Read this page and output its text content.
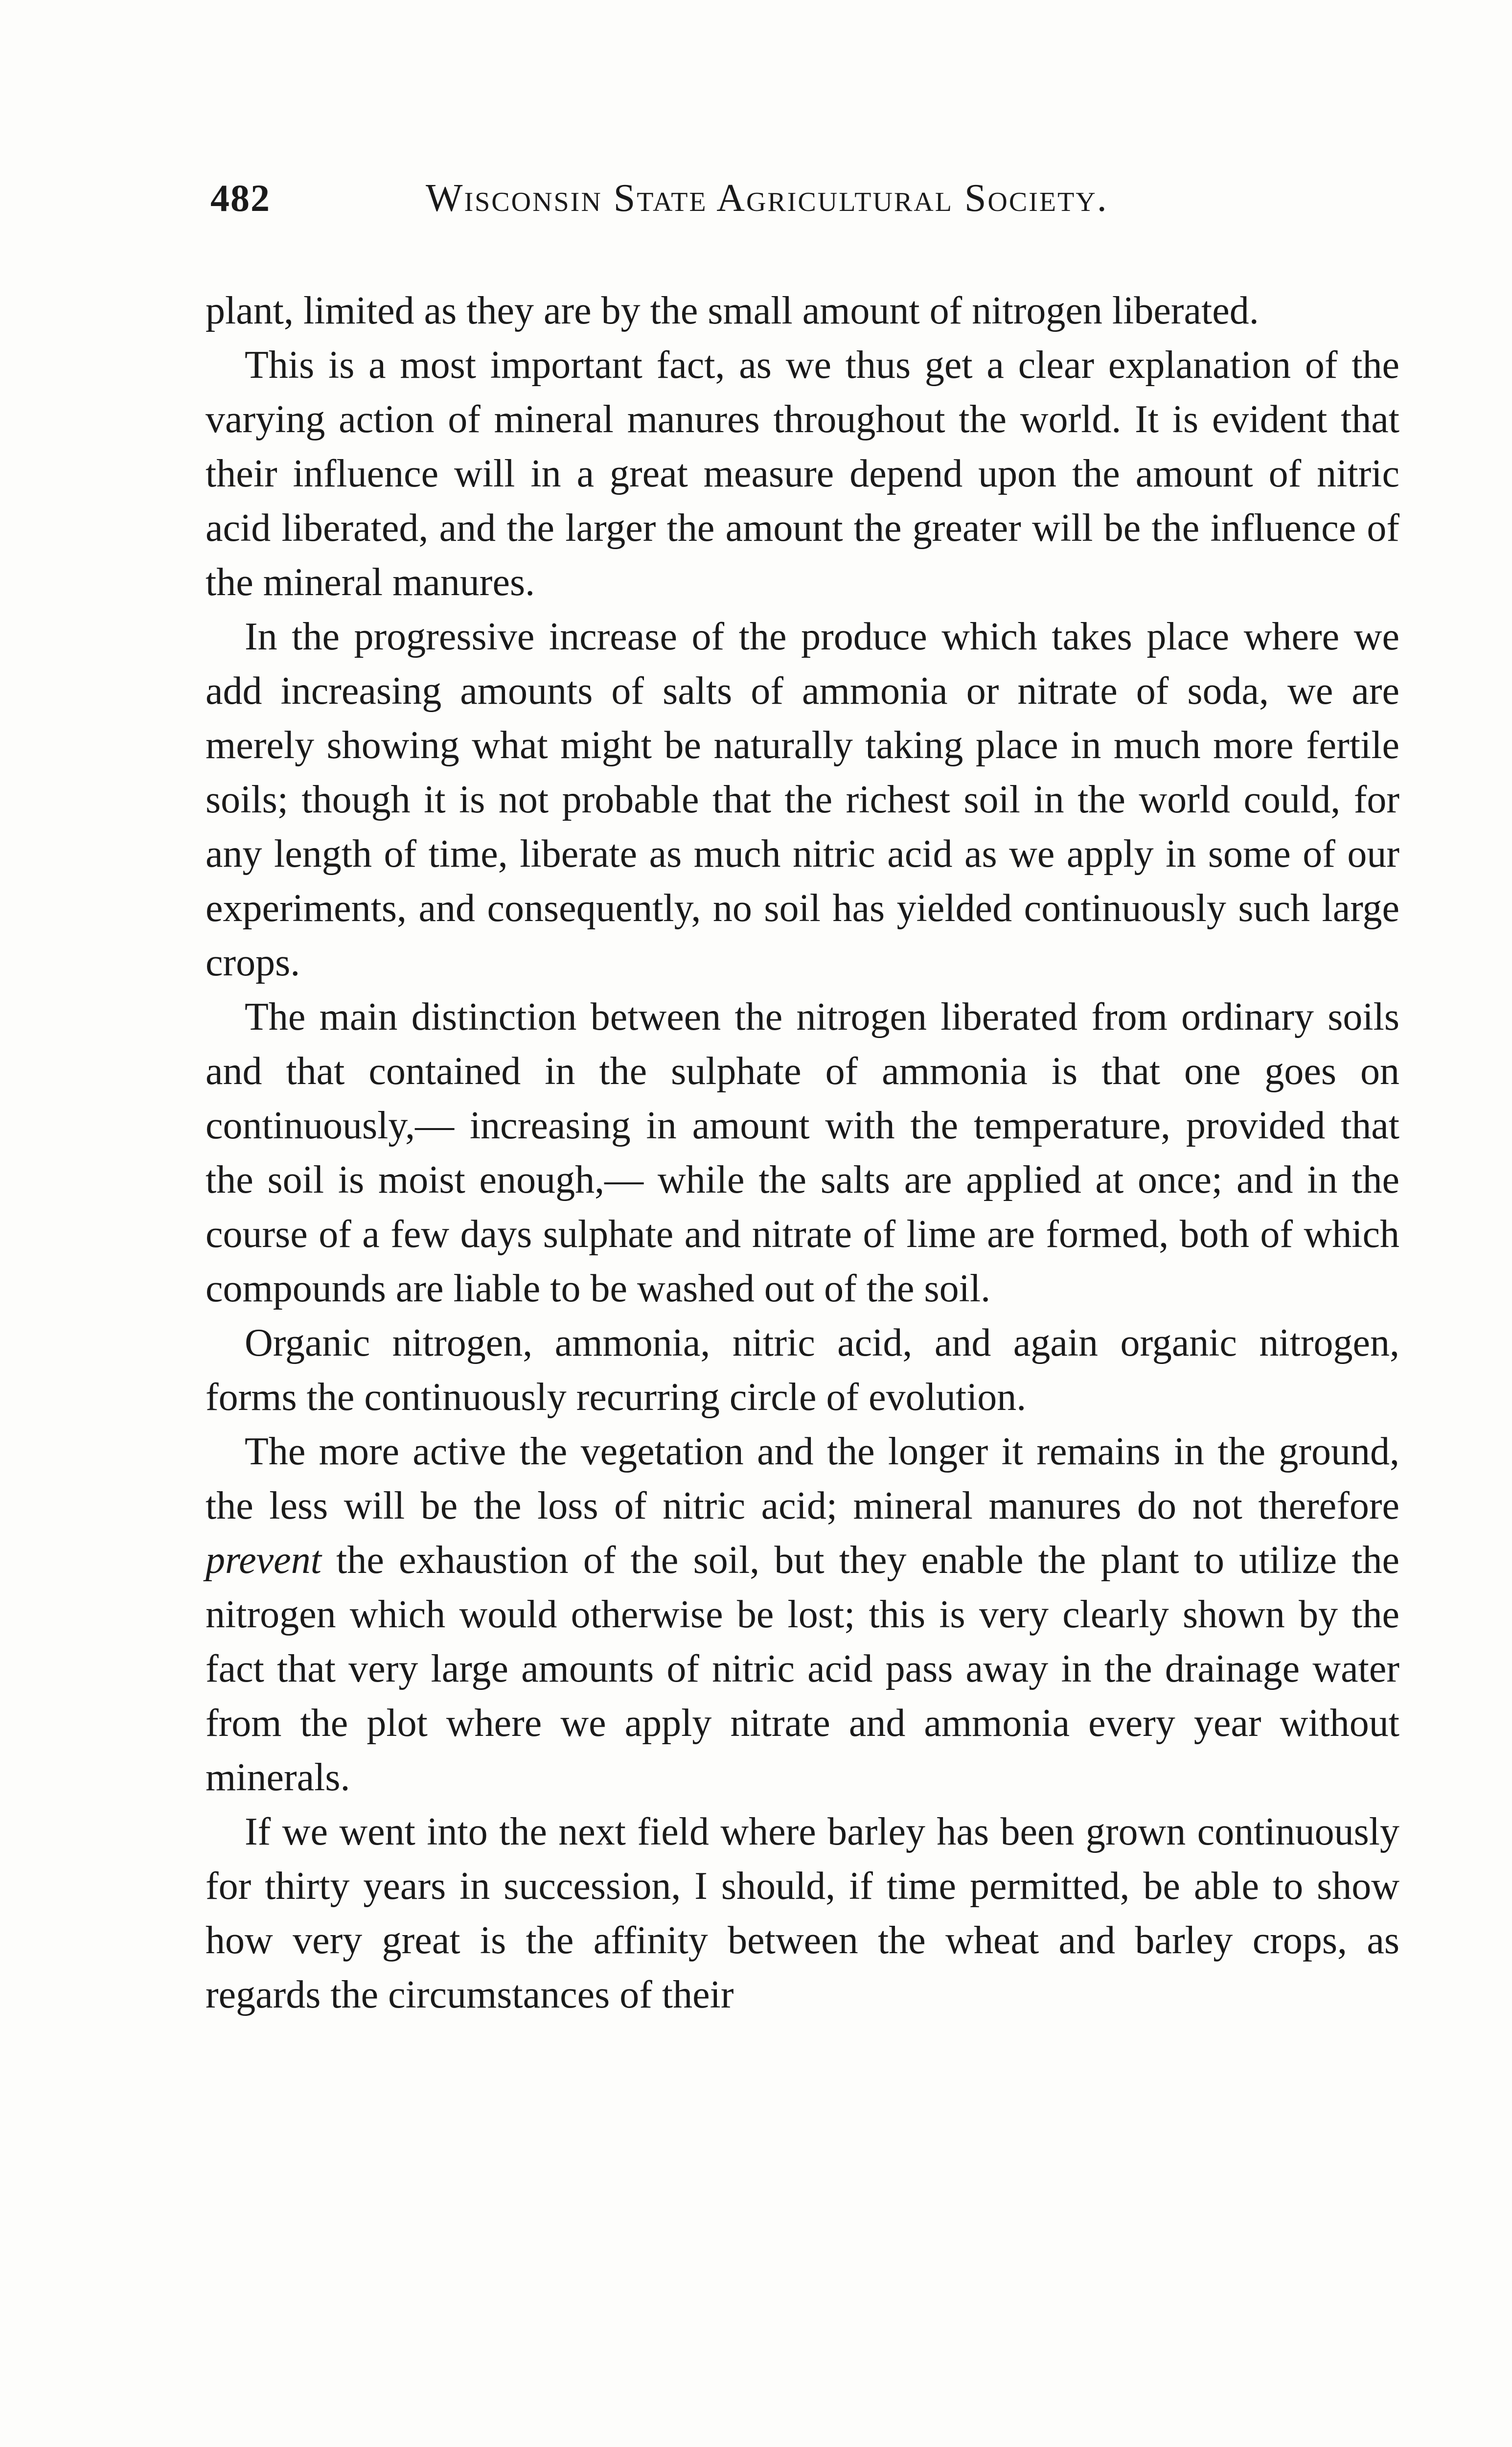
482	Wisconsin State Agricultural Society.

plant, limited as they are by the small amount of nitrogen liberated.

This is a most important fact, as we thus get a clear explanation of the varying action of mineral manures throughout the world. It is evident that their influence will in a great measure depend upon the amount of nitric acid liberated, and the larger the amount the greater will be the influence of the mineral manures.

In the progressive increase of the produce which takes place where we add increasing amounts of salts of ammonia or nitrate of soda, we are merely showing what might be naturally taking place in much more fertile soils; though it is not probable that the richest soil in the world could, for any length of time, liberate as much nitric acid as we apply in some of our experiments, and consequently, no soil has yielded continuously such large crops.

The main distinction between the nitrogen liberated from ordinary soils and that contained in the sulphate of ammonia is that one goes on continuously,— increasing in amount with the temperature, provided that the soil is moist enough,— while the salts are applied at once; and in the course of a few days sulphate and nitrate of lime are formed, both of which compounds are liable to be washed out of the soil.

Organic nitrogen, ammonia, nitric acid, and again organic nitrogen, forms the continuously recurring circle of evolution.

The more active the vegetation and the longer it remains in the ground, the less will be the loss of nitric acid; mineral manures do not therefore prevent the exhaustion of the soil, but they enable the plant to utilize the nitrogen which would otherwise be lost; this is very clearly shown by the fact that very large amounts of nitric acid pass away in the drainage water from the plot where we apply nitrate and ammonia every year without minerals.

If we went into the next field where barley has been grown continuously for thirty years in succession, I should, if time permitted, be able to show how very great is the affinity between the wheat and barley crops, as regards the circumstances of their
